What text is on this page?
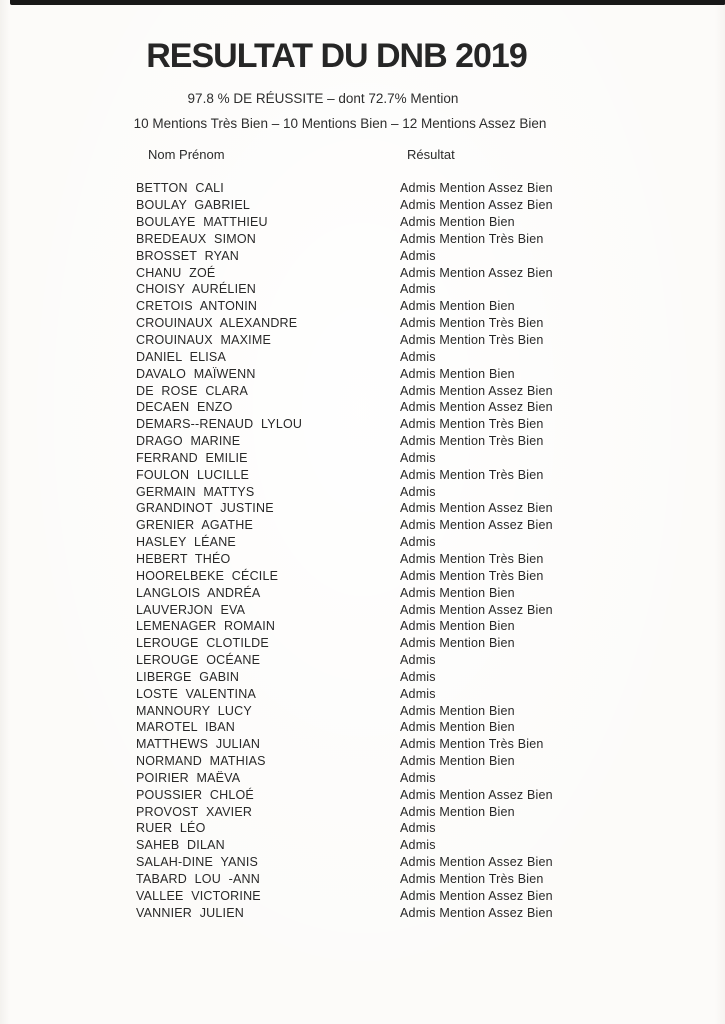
RESULTAT DU DNB 2019
97.8 % DE RÉUSSITE – dont 72.7% Mention
10 Mentions Très Bien – 10 Mentions Bien – 12 Mentions Assez Bien
Nom Prénom	Résultat
BETTON CALI	Admis Mention Assez Bien
BOULAY GABRIEL	Admis Mention Assez Bien
BOULAYE MATTHIEU	Admis Mention Bien
BREDEAUX SIMON	Admis Mention Très Bien
BROSSET RYAN	Admis
CHANU ZOÉ	Admis Mention Assez Bien
CHOISY AURÉLIEN	Admis
CRETOIS ANTONIN	Admis Mention Bien
CROUINAUX ALEXANDRE	Admis Mention Très Bien
CROUINAUX MAXIME	Admis Mention Très Bien
DANIEL ELISA	Admis
DAVALO MAÏWENN	Admis Mention Bien
DE ROSE CLARA	Admis Mention Assez Bien
DECAEN ENZO	Admis Mention Assez Bien
DEMARS--RENAUD LYLOU	Admis Mention Très Bien
DRAGO MARINE	Admis Mention Très Bien
FERRAND EMILIE	Admis
FOULON LUCILLE	Admis Mention Très Bien
GERMAIN MATTYS	Admis
GRANDINOT JUSTINE	Admis Mention Assez Bien
GRENIER AGATHE	Admis Mention Assez Bien
HASLEY LÉANE	Admis
HEBERT THÉO	Admis Mention Très Bien
HOORELBEKE CÉCILE	Admis Mention Très Bien
LANGLOIS ANDRÉA	Admis Mention Bien
LAUVERJON EVA	Admis Mention Assez Bien
LEMENAGER ROMAIN	Admis Mention Bien
LEROUGE CLOTILDE	Admis Mention Bien
LEROUGE OCÉANE	Admis
LIBERGE GABIN	Admis
LOSTE VALENTINA	Admis
MANNOURY LUCY	Admis Mention Bien
MAROTEL IBAN	Admis Mention Bien
MATTHEWS JULIAN	Admis Mention Très Bien
NORMAND MATHIAS	Admis Mention Bien
POIRIER MAËVA	Admis
POUSSIER CHLOÉ	Admis Mention Assez Bien
PROVOST XAVIER	Admis Mention Bien
RUER LÉO	Admis
SAHEB DILAN	Admis
SALAH-DINE YANIS	Admis Mention Assez Bien
TABARD LOU -ANN	Admis Mention Très Bien
VALLEE VICTORINE	Admis Mention Assez Bien
VANNIER JULIEN	Admis Mention Assez Bien
